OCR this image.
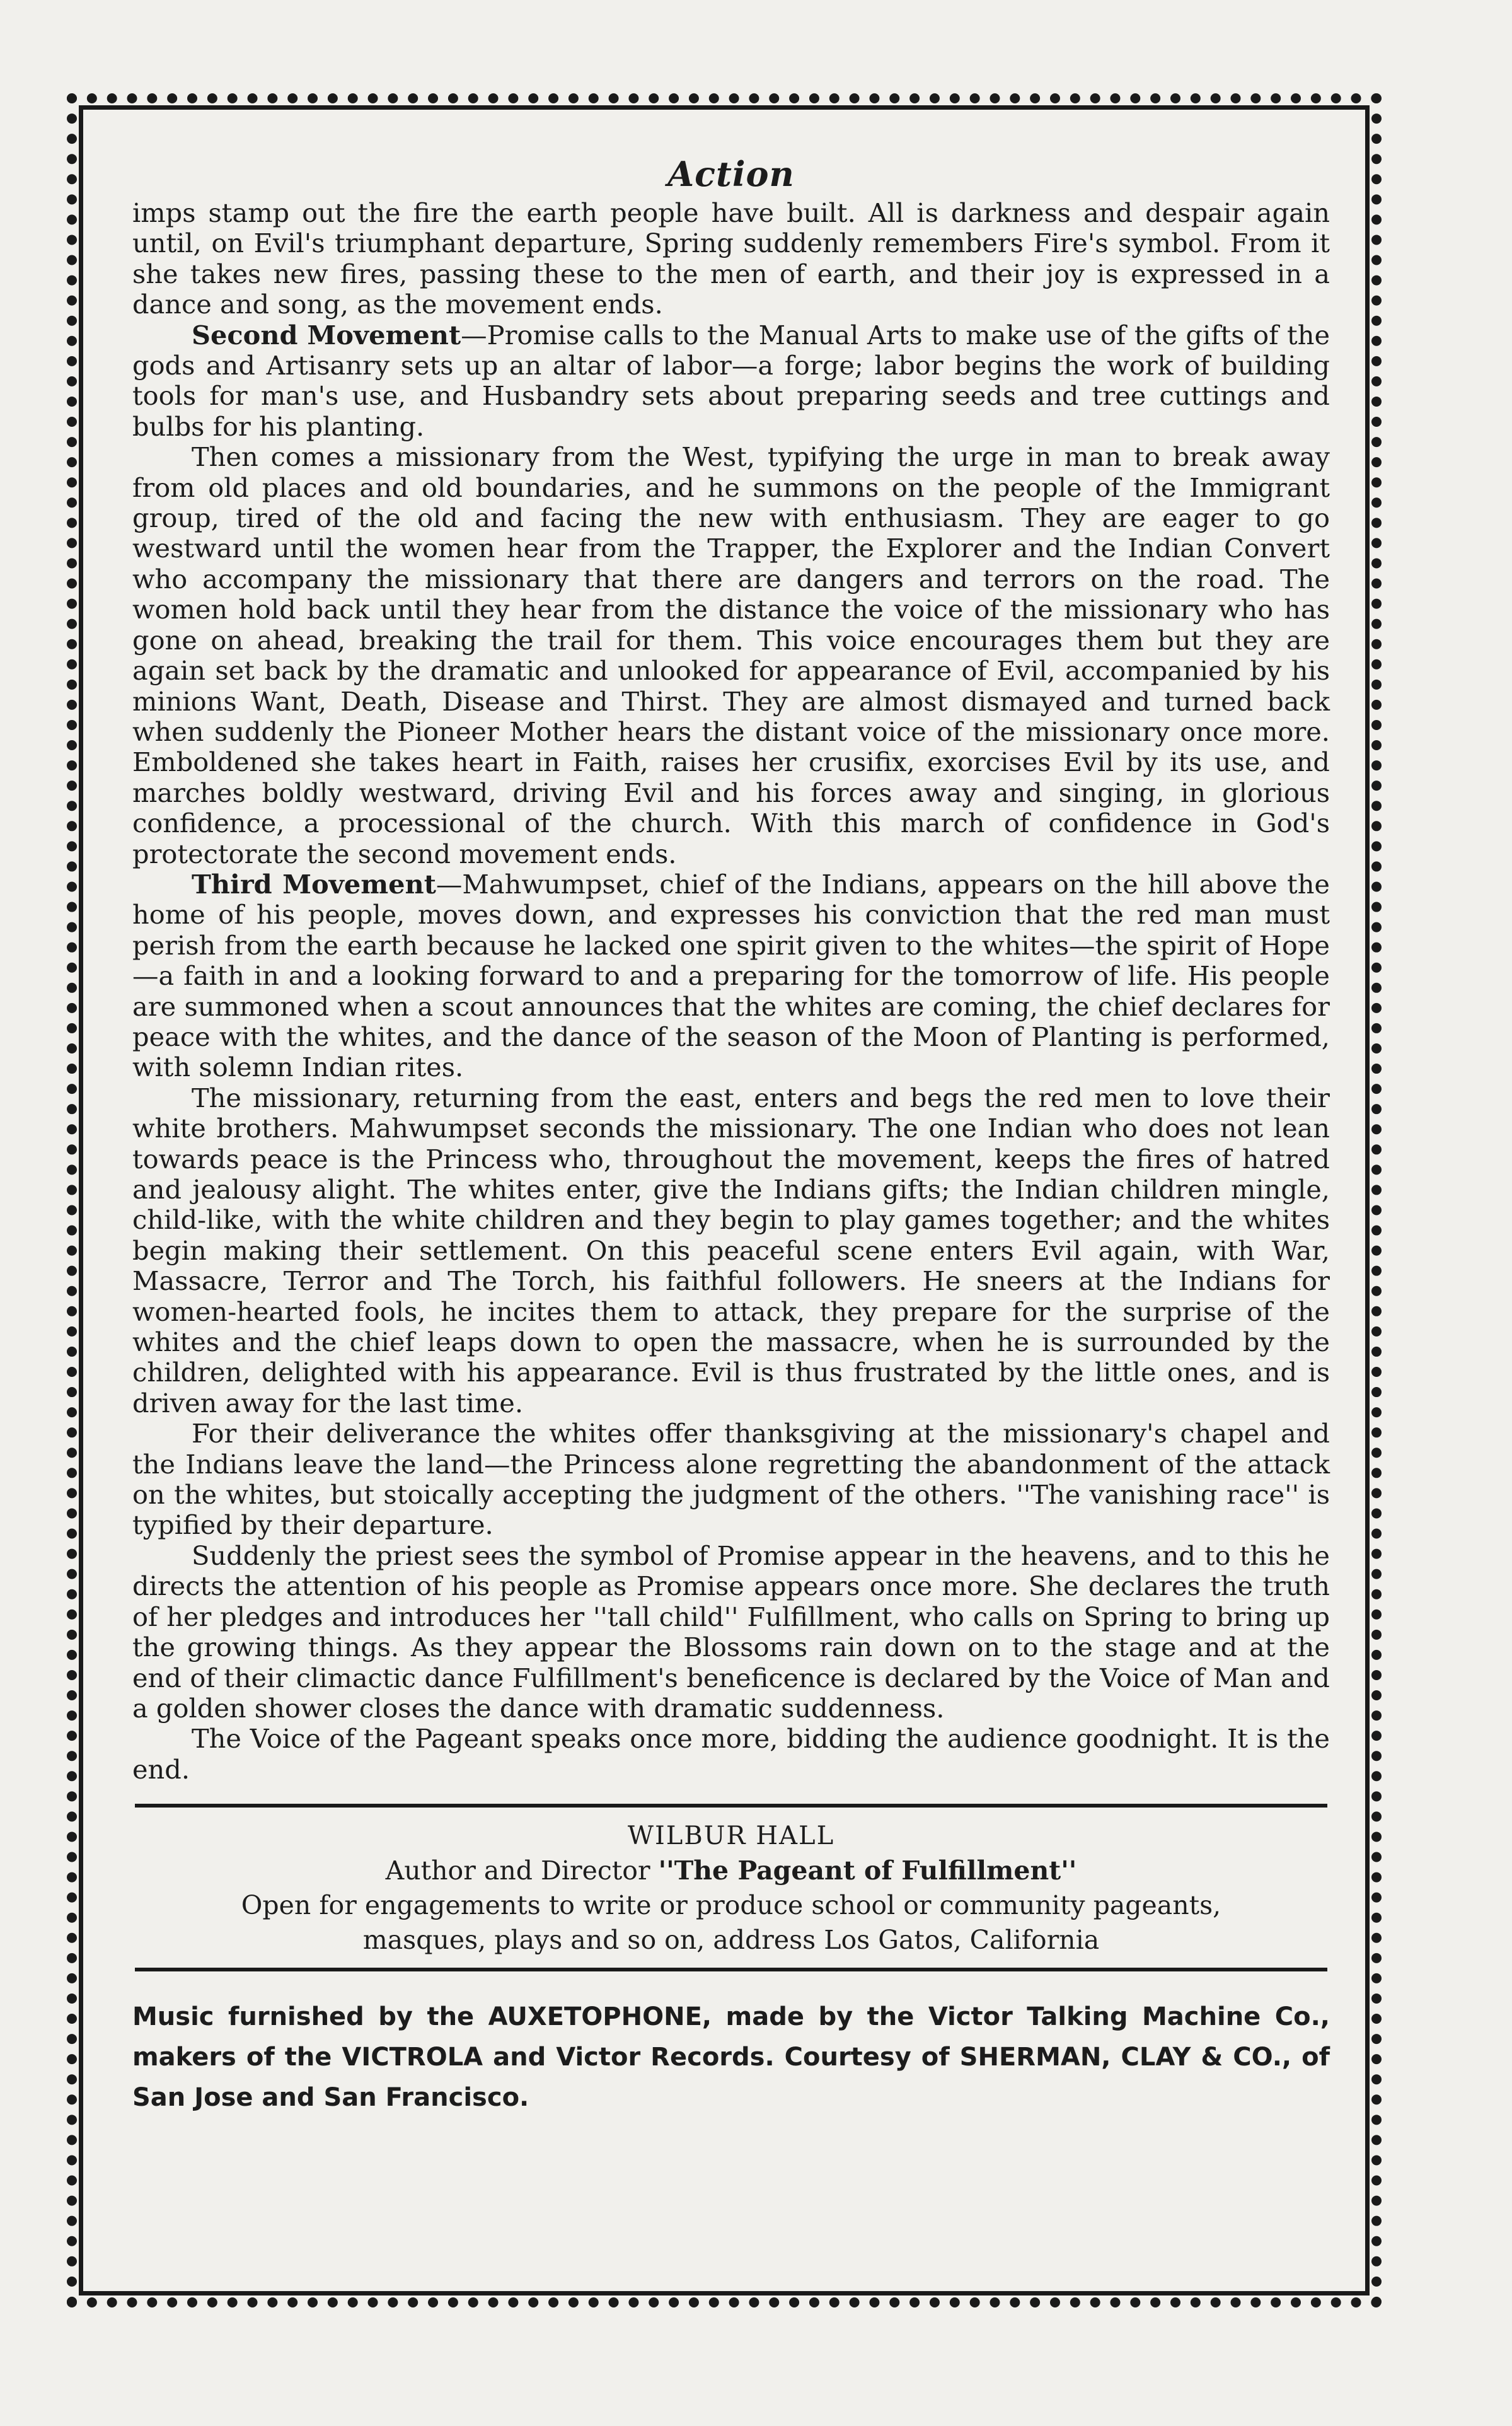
Action

imps stamp out the fire the earth people have built. All is darkness and despair again until, on Evil's triumphant departure, Spring suddenly remembers Fire's symbol. From it she takes new fires, passing these to the men of earth, and their joy is expressed in a dance and song, as the movement ends.

Second Movement—Promise calls to the Manual Arts to make use of the gifts of the gods and Artisanry sets up an altar of labor—a forge; labor begins the work of building tools for man's use, and Husbandry sets about preparing seeds and tree cuttings and bulbs for his planting.

Then comes a missionary from the West, typifying the urge in man to break away from old places and old boundaries, and he summons on the people of the Immigrant group, tired of the old and facing the new with enthusiasm. They are eager to go westward until the women hear from the Trapper, the Explorer and the Indian Convert who accompany the missionary that there are dangers and terrors on the road. The women hold back until they hear from the distance the voice of the missionary who has gone on ahead, breaking the trail for them. This voice encourages them but they are again set back by the dramatic and unlooked for appearance of Evil, accompanied by his minions Want, Death, Disease and Thirst. They are almost dismayed and turned back when suddenly the Pioneer Mother hears the distant voice of the missionary once more. Emboldened she takes heart in Faith, raises her crusifix, exorcises Evil by its use, and marches boldly westward, driving Evil and his forces away and singing, in glorious confidence, a processional of the church. With this march of confidence in God's protectorate the second movement ends.

Third Movement—Mahwumpset, chief of the Indians, appears on the hill above the home of his people, moves down, and expresses his conviction that the red man must perish from the earth because he lacked one spirit given to the whites—the spirit of Hope—a faith in and a looking forward to and a preparing for the tomorrow of life. His people are summoned when a scout announces that the whites are coming, the chief declares for peace with the whites, and the dance of the season of the Moon of Planting is performed, with solemn Indian rites.

The missionary, returning from the east, enters and begs the red men to love their white brothers. Mahwumpset seconds the missionary. The one Indian who does not lean towards peace is the Princess who, throughout the movement, keeps the fires of hatred and jealousy alight. The whites enter, give the Indians gifts; the Indian children mingle, child-like, with the white children and they begin to play games together; and the whites begin making their settlement. On this peaceful scene enters Evil again, with War, Massacre, Terror and The Torch, his faithful followers. He sneers at the Indians for women-hearted fools, he incites them to attack, they prepare for the surprise of the whites and the chief leaps down to open the massacre, when he is surrounded by the children, delighted with his appearance. Evil is thus frustrated by the little ones, and is driven away for the last time.

For their deliverance the whites offer thanksgiving at the missionary's chapel and the Indians leave the land—the Princess alone regretting the abandonment of the attack on the whites, but stoically accepting the judgment of the others. ''The vanishing race'' is typified by their departure.

Suddenly the priest sees the symbol of Promise appear in the heavens, and to this he directs the attention of his people as Promise appears once more. She declares the truth of her pledges and introduces her ''tall child'' Fulfillment, who calls on Spring to bring up the growing things. As they appear the Blossoms rain down on to the stage and at the end of their climactic dance Fulfillment's beneficence is declared by the Voice of Man and a golden shower closes the dance with dramatic suddenness.

The Voice of the Pageant speaks once more, bidding the audience goodnight. It is the end.

WILBUR HALL
Author and Director ''The Pageant of Fulfillment''
Open for engagements to write or produce school or community pageants,
masques, plays and so on, address Los Gatos, California
Music furnished by the AUXETOPHONE, made by the Victor Talking Machine Co., makers of the VICTROLA and Victor Records. Courtesy of SHERMAN, CLAY & CO., of San Jose and San Francisco.
